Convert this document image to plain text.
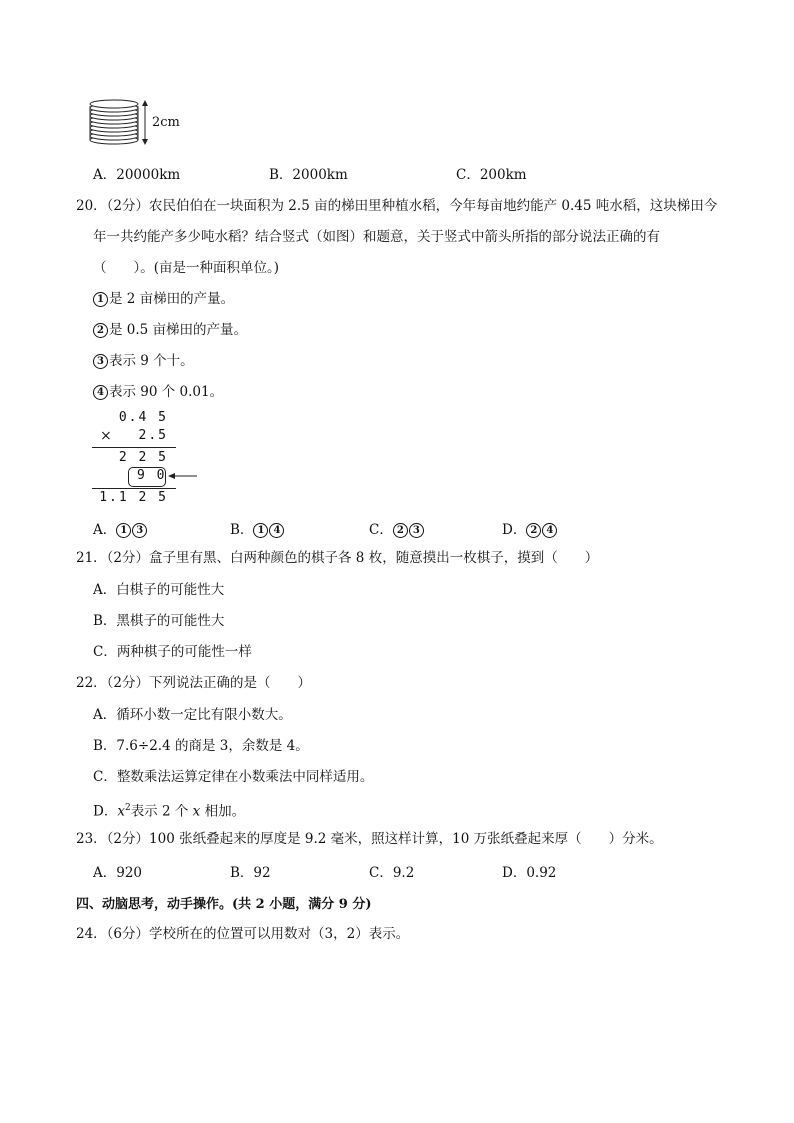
2cm
A．20000km	B．2000km	C．200km
20．（2分）农民伯伯在一块面积为 2.5 亩的梯田里种植水稻，今年每亩地约能产 0.45 吨水稻，这块梯田今
年一共约能产多少吨水稻？结合竖式（如图）和题意，关于竖式中箭头所指的部分说法正确的有
（　　）。(亩是一种面积单位。)
1 是 2 亩梯田的产量。
2 是 0.5 亩梯田的产量。
3 表示 9 个十。
4 表示 90 个 0.01。
0.4 5
× 2.5
2 2 5
9 0
1.1 2 5
A． 1 3	B． 1 4	C． 2 3	D． 2 4
21．（2分）盒子里有黑、白两种颜色的棋子各 8 枚，随意摸出一枚棋子，摸到（　　）
A．白棋子的可能性大
B．黑棋子的可能性大
C．两种棋子的可能性一样
22．（2分）下列说法正确的是（　　）
A．循环小数一定比有限小数大。
B．7.6÷2.4 的商是 3，余数是 4。
C．整数乘法运算定律在小数乘法中同样适用。
D．$x^2$表示 2 个 x 相加。
23．（2分）100 张纸叠起来的厚度是 9.2 毫米，照这样计算，10 万张纸叠起来厚（　　）分米。
A．920	B．92	C．9.2	D．0.92
四、动脑思考，动手操作。(共 2 小题，满分 9 分)
24．（6分）学校所在的位置可以用数对（3，2）表示。
